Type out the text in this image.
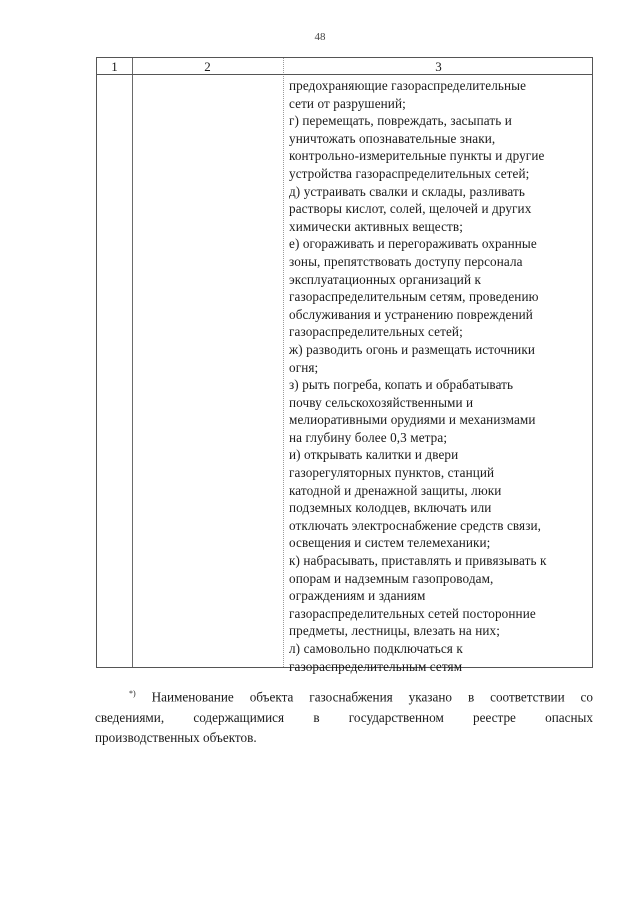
48
1	2	3
предохраняющие газораспределительные
сети от разрушений;
г) перемещать, повреждать, засыпать и
уничтожать опознавательные знаки,
контрольно-измерительные пункты и другие
устройства газораспределительных сетей;
д) устраивать свалки и склады, разливать
растворы кислот, солей, щелочей и других
химически активных веществ;
е) огораживать и перегораживать охранные
зоны, препятствовать доступу персонала
эксплуатационных организаций к
газораспределительным сетям, проведению
обслуживания и устранению повреждений
газораспределительных сетей;
ж) разводить огонь и размещать источники
огня;
з) рыть погреба, копать и обрабатывать
почву сельскохозяйственными и
мелиоративными орудиями и механизмами
на глубину более 0,3 метра;
и) открывать калитки и двери
газорегуляторных пунктов, станций
катодной и дренажной защиты, люки
подземных колодцев, включать или
отключать электроснабжение средств связи,
освещения и систем телемеханики;
к) набрасывать, приставлять и привязывать к
опорам и надземным газопроводам,
ограждениям и зданиям
газораспределительных сетей посторонние
предметы, лестницы, влезать на них;
л) самовольно подключаться к
газораспределительным сетям
*) Наименование объекта газоснабжения указано в соответствии со
сведениями, содержащимися в государственном реестре опасных
производственных объектов.
